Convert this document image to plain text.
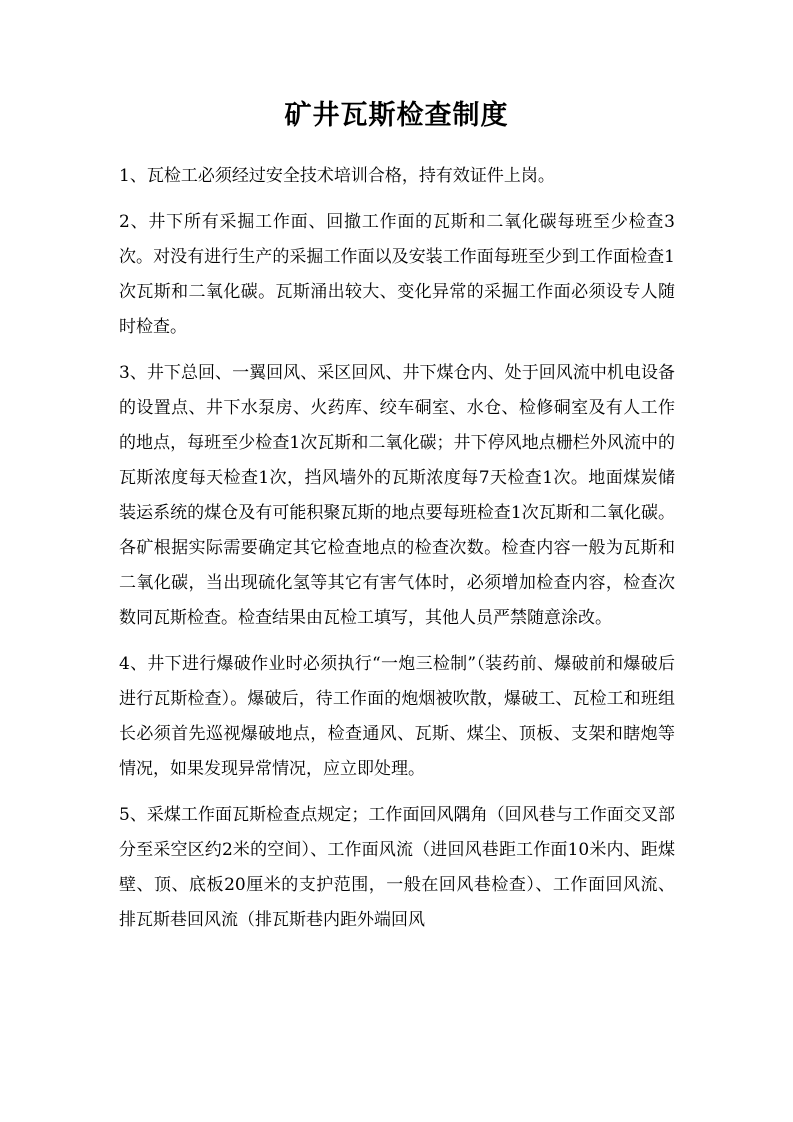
矿井瓦斯检查制度

1、瓦检工必须经过安全技术培训合格，持有效证件上岗。

2、井下所有采掘工作面、回撤工作面的瓦斯和二氧化碳每班至少检查3次。对没有进行生产的采掘工作面以及安装工作面每班至少到工作面检查1次瓦斯和二氧化碳。瓦斯涌出较大、变化异常的采掘工作面必须设专人随时检查。

3、井下总回、一翼回风、采区回风、井下煤仓内、处于回风流中机电设备的设置点、井下水泵房、火药库、绞车硐室、水仓、检修硐室及有人工作的地点，每班至少检查1次瓦斯和二氧化碳；井下停风地点栅栏外风流中的瓦斯浓度每天检查1次，挡风墙外的瓦斯浓度每7天检查1次。地面煤炭储装运系统的煤仓及有可能积聚瓦斯的地点要每班检查1次瓦斯和二氧化碳。各矿根据实际需要确定其它检查地点的检查次数。检查内容一般为瓦斯和二氧化碳，当出现硫化氢等其它有害气体时，必须增加检查内容，检查次数同瓦斯检查。检查结果由瓦检工填写，其他人员严禁随意涂改。

4、井下进行爆破作业时必须执行“一炮三检制”（装药前、爆破前和爆破后进行瓦斯检查）。爆破后，待工作面的炮烟被吹散，爆破工、瓦检工和班组长必须首先巡视爆破地点，检查通风、瓦斯、煤尘、顶板、支架和瞎炮等情况，如果发现异常情况，应立即处理。

5、采煤工作面瓦斯检查点规定；工作面回风隅角（回风巷与工作面交叉部分至采空区约2米的空间）、工作面风流（进回风巷距工作面10米内、距煤壁、顶、底板20厘米的支护范围，一般在回风巷检查）、工作面回风流、排瓦斯巷回风流（排瓦斯巷内距外端回风
